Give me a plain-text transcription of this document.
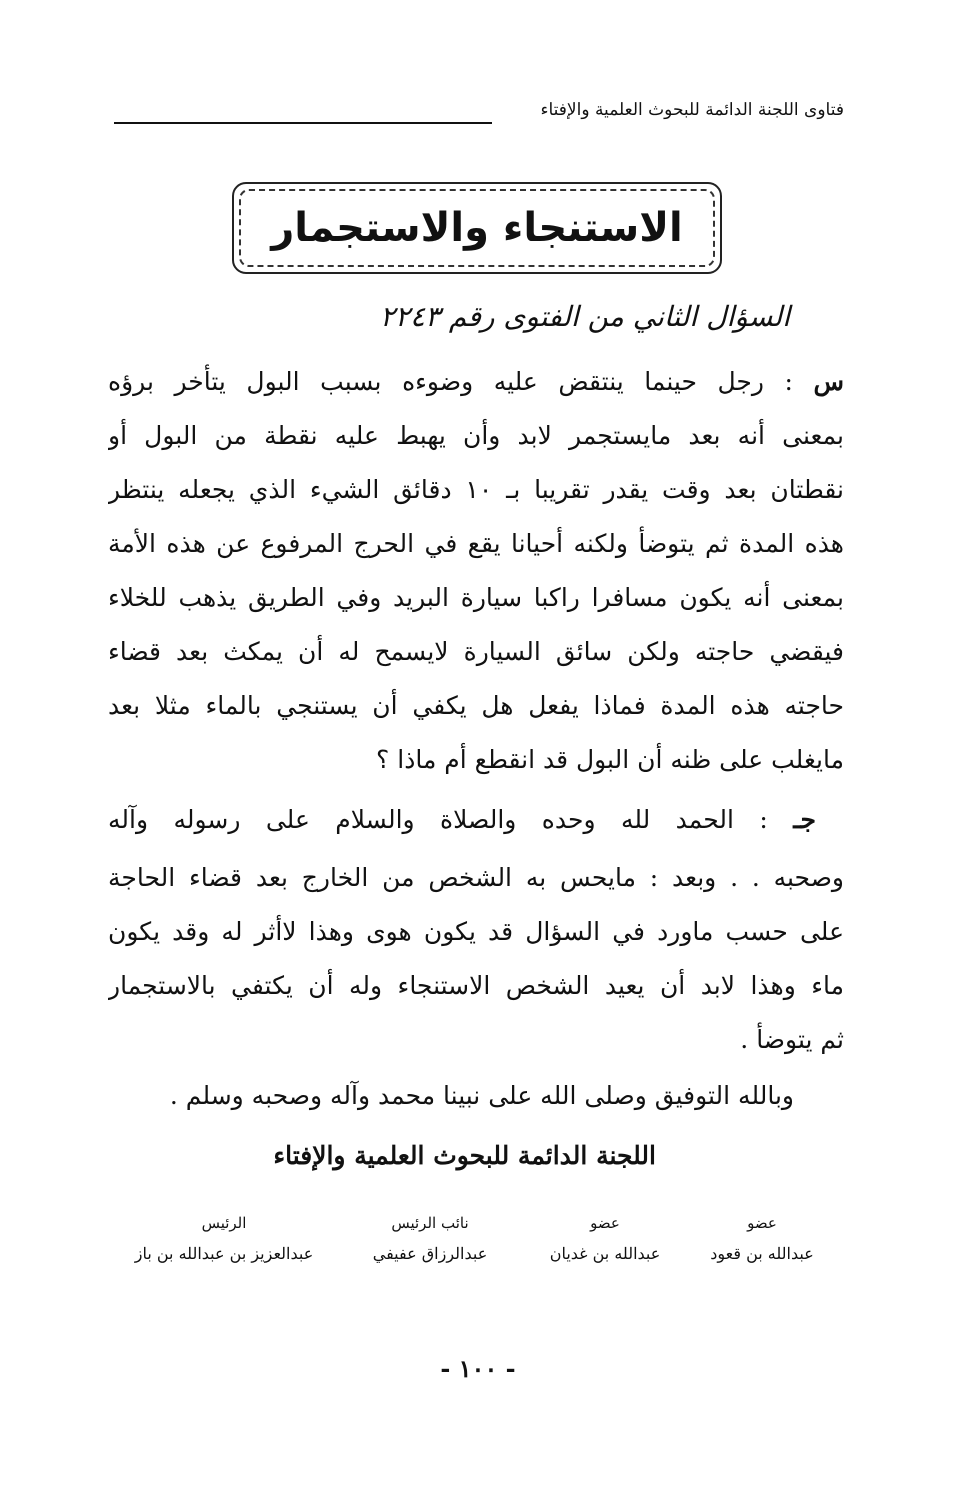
فتاوى اللجنة الدائمة للبحوث العلمية والإفتاء
الاستنجاء والاستجمار
السؤال الثاني من الفتوى رقم ٢٢٤٣
س : رجل حينما ينتقض عليه وضوءه بسبب البول يتأخر برؤه
بمعنى أنه بعد مايستجمر لابد وأن يهبط عليه نقطة من البول أو
نقطتان بعد وقت يقدر تقريبا بـ ١٠ دقائق الشيء الذي يجعله ينتظر
هذه المدة ثم يتوضأ ولكنه أحيانا يقع في الحرج المرفوع عن هذه الأمة
بمعنى أنه يكون مسافرا راكبا سيارة البريد وفي الطريق يذهب للخلاء
فيقضي حاجته ولكن سائق السيارة لايسمح له أن يمكث بعد قضاء
حاجته هذه المدة فماذا يفعل هل يكفي أن يستنجي بالماء مثلا بعد
مايغلب على ظنه أن البول قد انقطع أم ماذا ؟
جـ : الحمد لله وحده والصلاة والسلام على رسوله وآله
وصحبه . . وبعد : مايحس به الشخص من الخارج بعد قضاء الحاجة
على حسب ماورد في السؤال قد يكون هوى وهذا لاأثر له وقد يكون
ماء وهذا لابد أن يعيد الشخص الاستنجاء وله أن يكتفي بالاستجمار
ثم يتوضأ .
وبالله التوفيق وصلى الله على نبينا محمد وآله وصحبه وسلم .
اللجنة الدائمة للبحوث العلمية والإفتاء
عضو
عبدالله بن قعود
عضو
عبدالله بن غديان
نائب الرئيس
عبدالرزاق عفيفي
الرئيس
عبدالعزيز بن عبدالله بن باز
- ١٠٠ -
